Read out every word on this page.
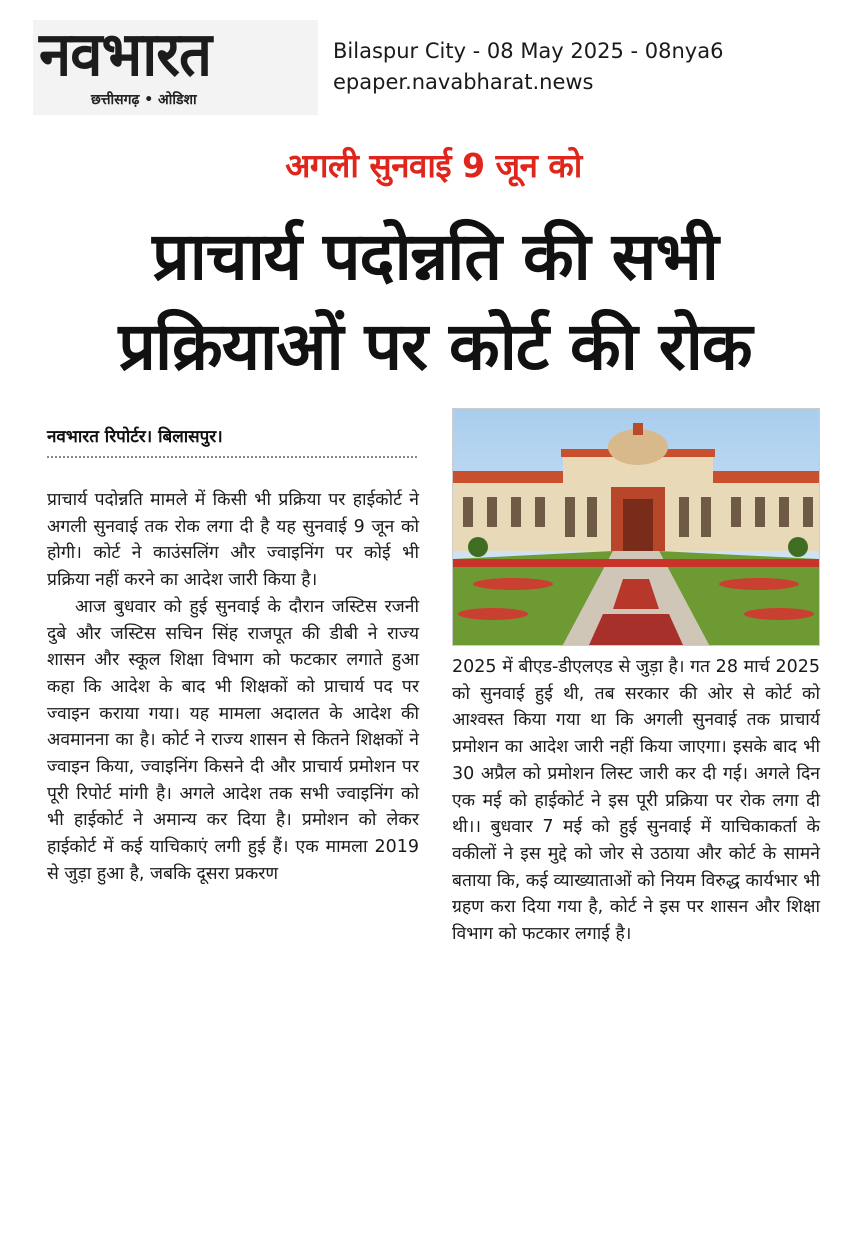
नवभारत
छत्तीसगढ़ • ओडिशा
Bilaspur City - 08 May 2025 - 08nya6
epaper.navabharat.news
अगली सुनवाई 9 जून को
प्राचार्य पदोन्नति की सभी
प्रक्रियाओं पर कोर्ट की रोक
नवभारत रिपोर्टर। बिलासपुर।

प्राचार्य पदोन्नति मामले में किसी भी प्रक्रिया पर हाईकोर्ट ने अगली सुनवाई तक रोक लगा दी है यह सुनवाई 9 जून को होगी। कोर्ट ने काउंसलिंग और ज्वाइनिंग पर कोई भी प्रक्रिया नहीं करने का आदेश जारी किया है।

आज बुधवार को हुई सुनवाई के दौरान जस्टिस रजनी दुबे और जस्टिस सचिन सिंह राजपूत की डीबी ने राज्य शासन और स्कूल शिक्षा विभाग को फटकार लगाते हुआ कहा कि आदेश के बाद भी शिक्षकों को प्राचार्य पद पर ज्वाइन कराया गया। यह मामला अदालत के आदेश की अवमानना का है। कोर्ट ने राज्य शासन से कितने शिक्षकों ने ज्वाइन किया, ज्वाइनिंग किसने दी और प्राचार्य प्रमोशन पर पूरी रिपोर्ट मांगी है। अगले आदेश तक सभी ज्वाइनिंग को भी हाईकोर्ट ने अमान्य कर दिया है। प्रमोशन को लेकर हाईकोर्ट में कई याचिकाएं लगी हुई हैं। एक मामला 2019 से जुड़ा हुआ है, जबकि दूसरा प्रकरण

2025 में बीएड-डीएलएड से जुड़ा है। गत 28 मार्च 2025 को सुनवाई हुई थी, तब सरकार की ओर से कोर्ट को आश्वस्त किया गया था कि अगली सुनवाई तक प्राचार्य प्रमोशन का आदेश जारी नहीं किया जाएगा। इसके बाद भी 30 अप्रैल को प्रमोशन लिस्ट जारी कर दी गई। अगले दिन एक मई को हाईकोर्ट ने इस पूरी प्रक्रिया पर रोक लगा दी थी।। बुधवार 7 मई को हुई सुनवाई में याचिकाकर्ता के वकीलों ने इस मुद्दे को जोर से उठाया और कोर्ट के सामने बताया कि, कई व्याख्याताओं को नियम विरुद्ध कार्यभार भी ग्रहण करा दिया गया है, कोर्ट ने इस पर शासन और शिक्षा विभाग को फटकार लगाई है।
